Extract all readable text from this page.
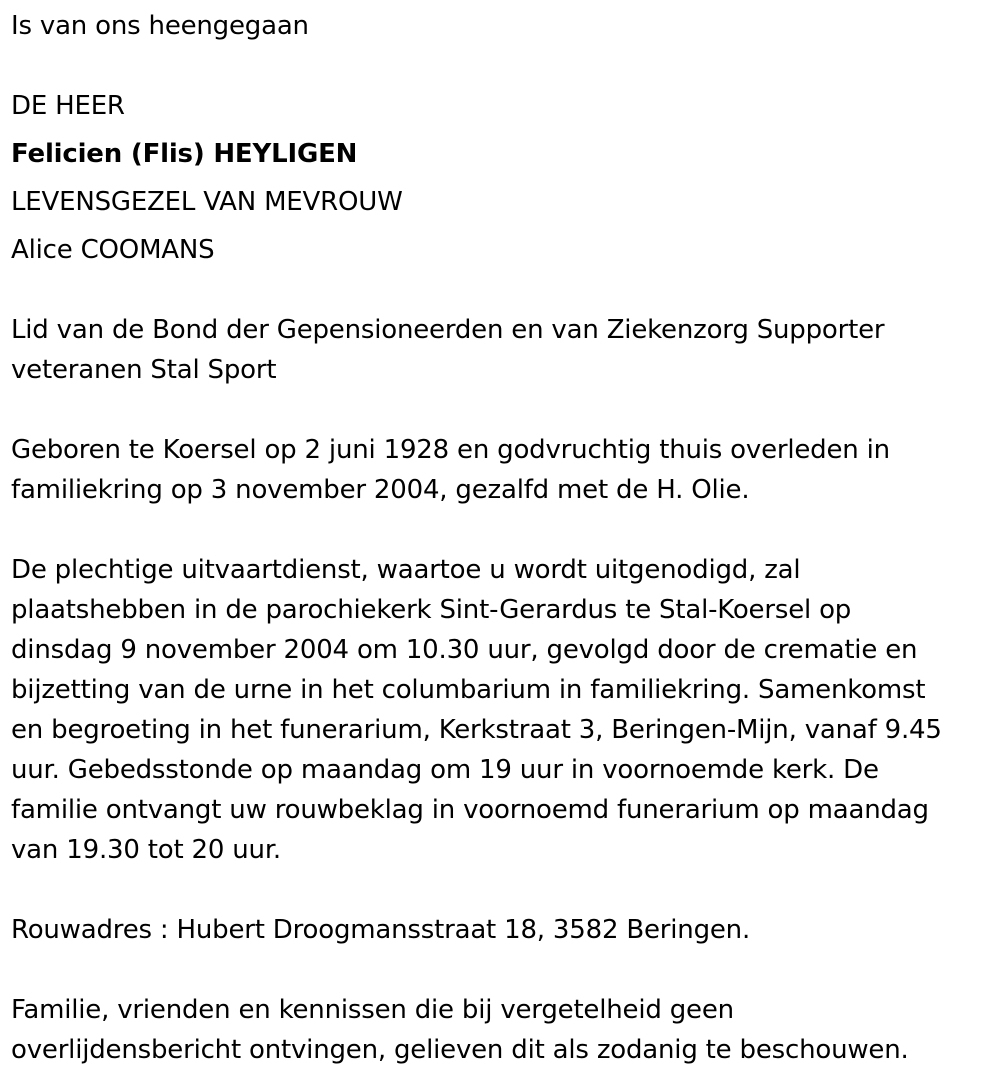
Is van ons heengegaan

DE HEER

Felicien (Flis) HEYLIGEN

LEVENSGEZEL VAN MEVROUW

Alice COOMANS

Lid van de Bond der Gepensioneerden en van Ziekenzorg Supporter
veteranen Stal Sport
Geboren te Koersel op 2 juni 1928 en godvruchtig thuis overleden in
familiekring op 3 november 2004, gezalfd met de H. Olie.
De plechtige uitvaartdienst, waartoe u wordt uitgenodigd, zal
plaatshebben in de parochiekerk Sint-Gerardus te Stal-Koersel op
dinsdag 9 november 2004 om 10.30 uur, gevolgd door de crematie en
bijzetting van de urne in het columbarium in familiekring. Samenkomst
en begroeting in het funerarium, Kerkstraat 3, Beringen-Mijn, vanaf 9.45
uur. Gebedsstonde op maandag om 19 uur in voornoemde kerk. De
familie ontvangt uw rouwbeklag in voornoemd funerarium op maandag
van 19.30 tot 20 uur.

Rouwadres : Hubert Droogmansstraat 18, 3582 Beringen.

Familie, vrienden en kennissen die bij vergetelheid geen
overlijdensbericht ontvingen, gelieven dit als zodanig te beschouwen.
